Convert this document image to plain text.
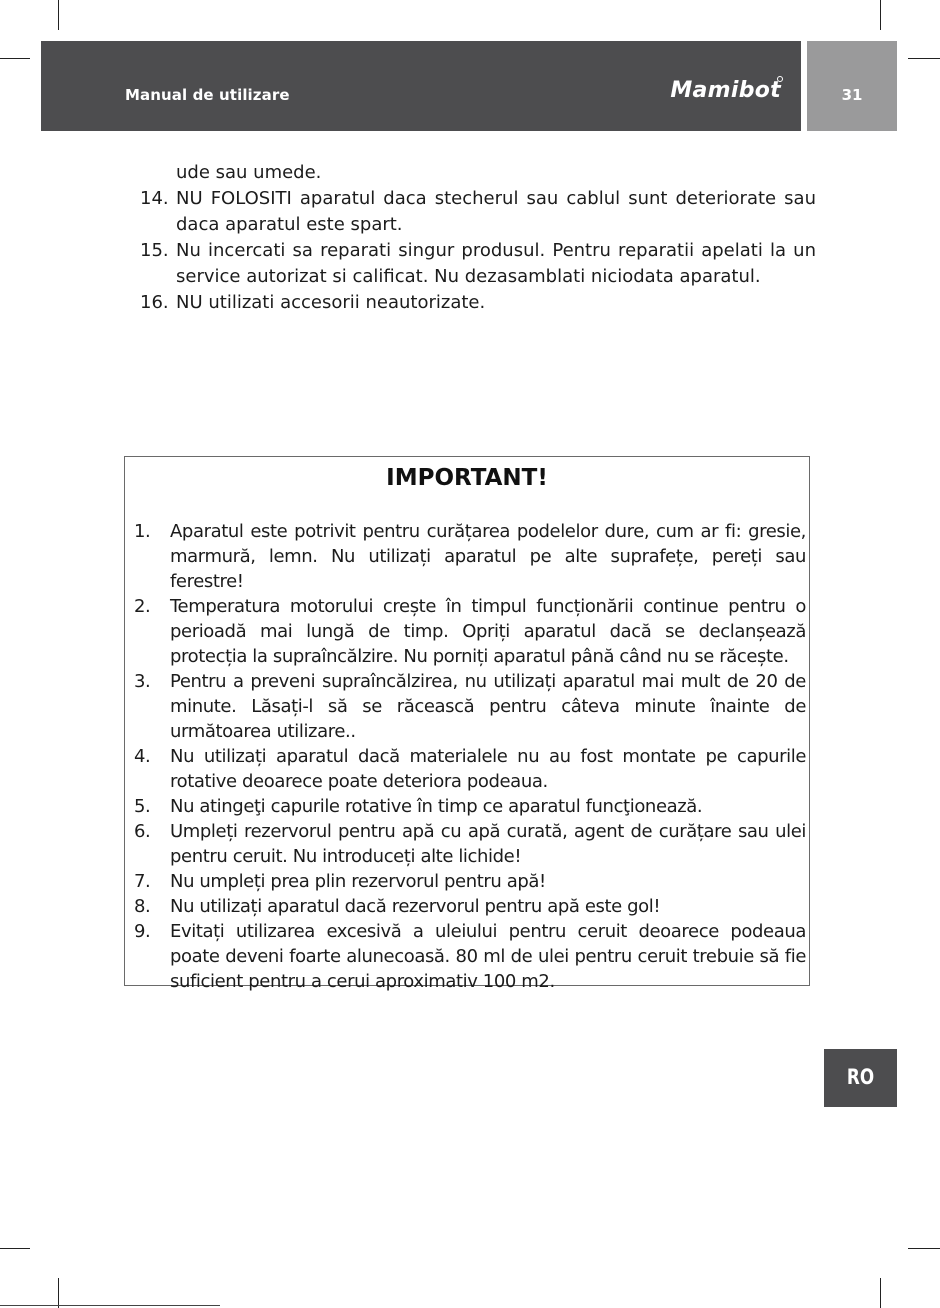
Manual de utilizare	Mamibot	31
ude sau umede.
14. NU FOLOSITI aparatul daca stecherul sau cablul sunt deteriorate sau daca aparatul este spart.
15. Nu incercati sa reparati singur produsul. Pentru reparatii apelati la un service autorizat si calificat. Nu dezasamblati niciodata aparatul.
16. NU utilizati accesorii neautorizate.
IMPORTANT!
1. Aparatul este potrivit pentru curățarea podelelor dure, cum ar fi: gresie, marmură, lemn. Nu utilizați aparatul pe alte suprafețe, pereți sau ferestre!
2. Temperatura motorului crește în timpul funcționării continue pentru o perioadă mai lungă de timp. Opriți aparatul dacă se declanșează protecția la supraîncălzire. Nu porniți aparatul până când nu se răcește.
3. Pentru a preveni supraîncălzirea, nu utilizați aparatul mai mult de 20 de minute. Lăsați-l să se răcească pentru câteva minute înainte de următoarea utilizare..
4. Nu utilizați aparatul dacă materialele nu au fost montate pe capurile rotative deoarece poate deteriora podeaua.
5. Nu atingeţi capurile rotative în timp ce aparatul funcţionează.
6. Umpleți rezervorul pentru apă cu apă curată, agent de curățare sau ulei pentru ceruit. Nu introduceți alte lichide!
7. Nu umpleți prea plin rezervorul pentru apă!
8. Nu utilizați aparatul dacă rezervorul pentru apă este gol!
9. Evitați utilizarea excesivă a uleiului pentru ceruit deoarece podeaua poate deveni foarte alunecoasă. 80 ml de ulei pentru ceruit trebuie să fie suficient pentru a cerui aproximativ 100 m2.
RO
